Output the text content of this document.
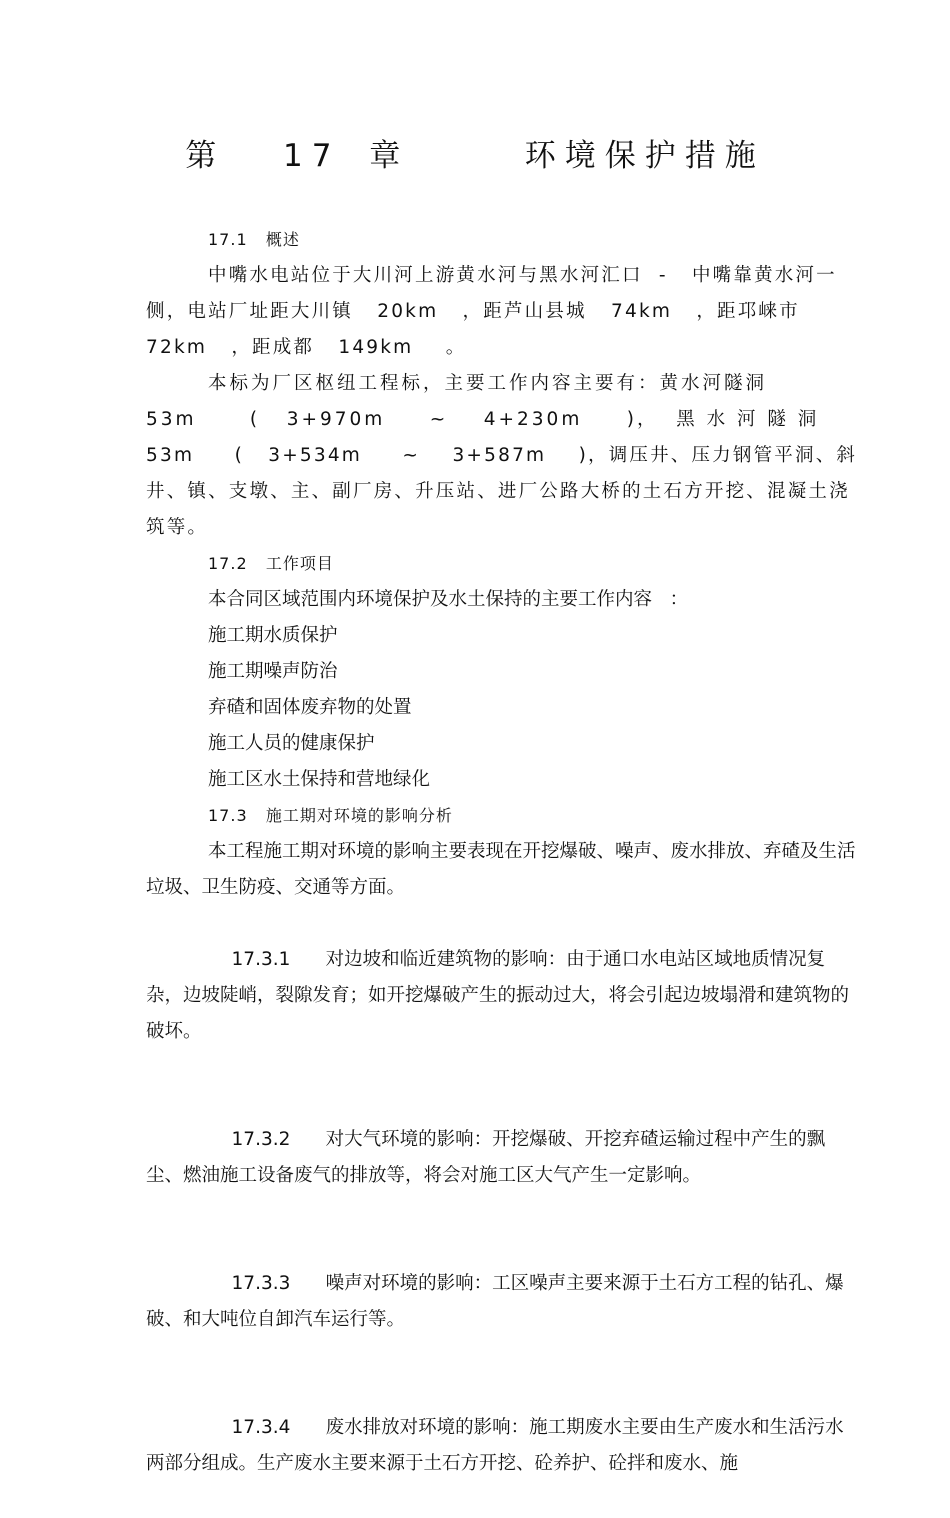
第  17 章    环境保护措施

17.1   概述

中嘴水电站位于大川河上游黄水河与黑水河汇口  -   中嘴靠黄水河一侧，电站厂址距大川镇   20km   ，距芦山县城   74km   ，距邛崃市 72km   ，距成都   149km    。

本标为厂区枢纽工程标，主要工作内容主要有：黄水河隧洞

53m      (   3+970m     ~    4+230m     )，  黑 水 河 隧 洞

53m     (   3+534m     ~    3+587m    )，调压井、压力钢管平洞、斜井、镇、支墩、主、副厂房、升压站、进厂公路大桥的土石方开挖、混凝土浇筑等。

17.2   工作项目

本合同区域范围内环境保护及水土保持的主要工作内容   ：

施工期水质保护

施工期噪声防治

弃碴和固体废弃物的处置

施工人员的健康保护

施工区水土保持和营地绿化

17.3   施工期对环境的影响分析

本工程施工期对环境的影响主要表现在开挖爆破、噪声、废水排放、弃碴及生活垃圾、卫生防疫、交通等方面。

17.3.1 对边坡和临近建筑物的影响：由于通口水电站区域地质情况复杂，边坡陡峭，裂隙发育；如开挖爆破产生的振动过大，将会引起边坡塌滑和建筑物的破坏。

17.3.2 对大气环境的影响：开挖爆破、开挖弃碴运输过程中产生的飘尘、燃油施工设备废气的排放等，将会对施工区大气产生一定影响。

17.3.3 噪声对环境的影响：工区噪声主要来源于土石方工程的钻孔、爆破、和大吨位自卸汽车运行等。

17.3.4 废水排放对环境的影响：施工期废水主要由生产废水和生活污水两部分组成。生产废水主要来源于土石方开挖、砼养护、砼拌和废水、施
